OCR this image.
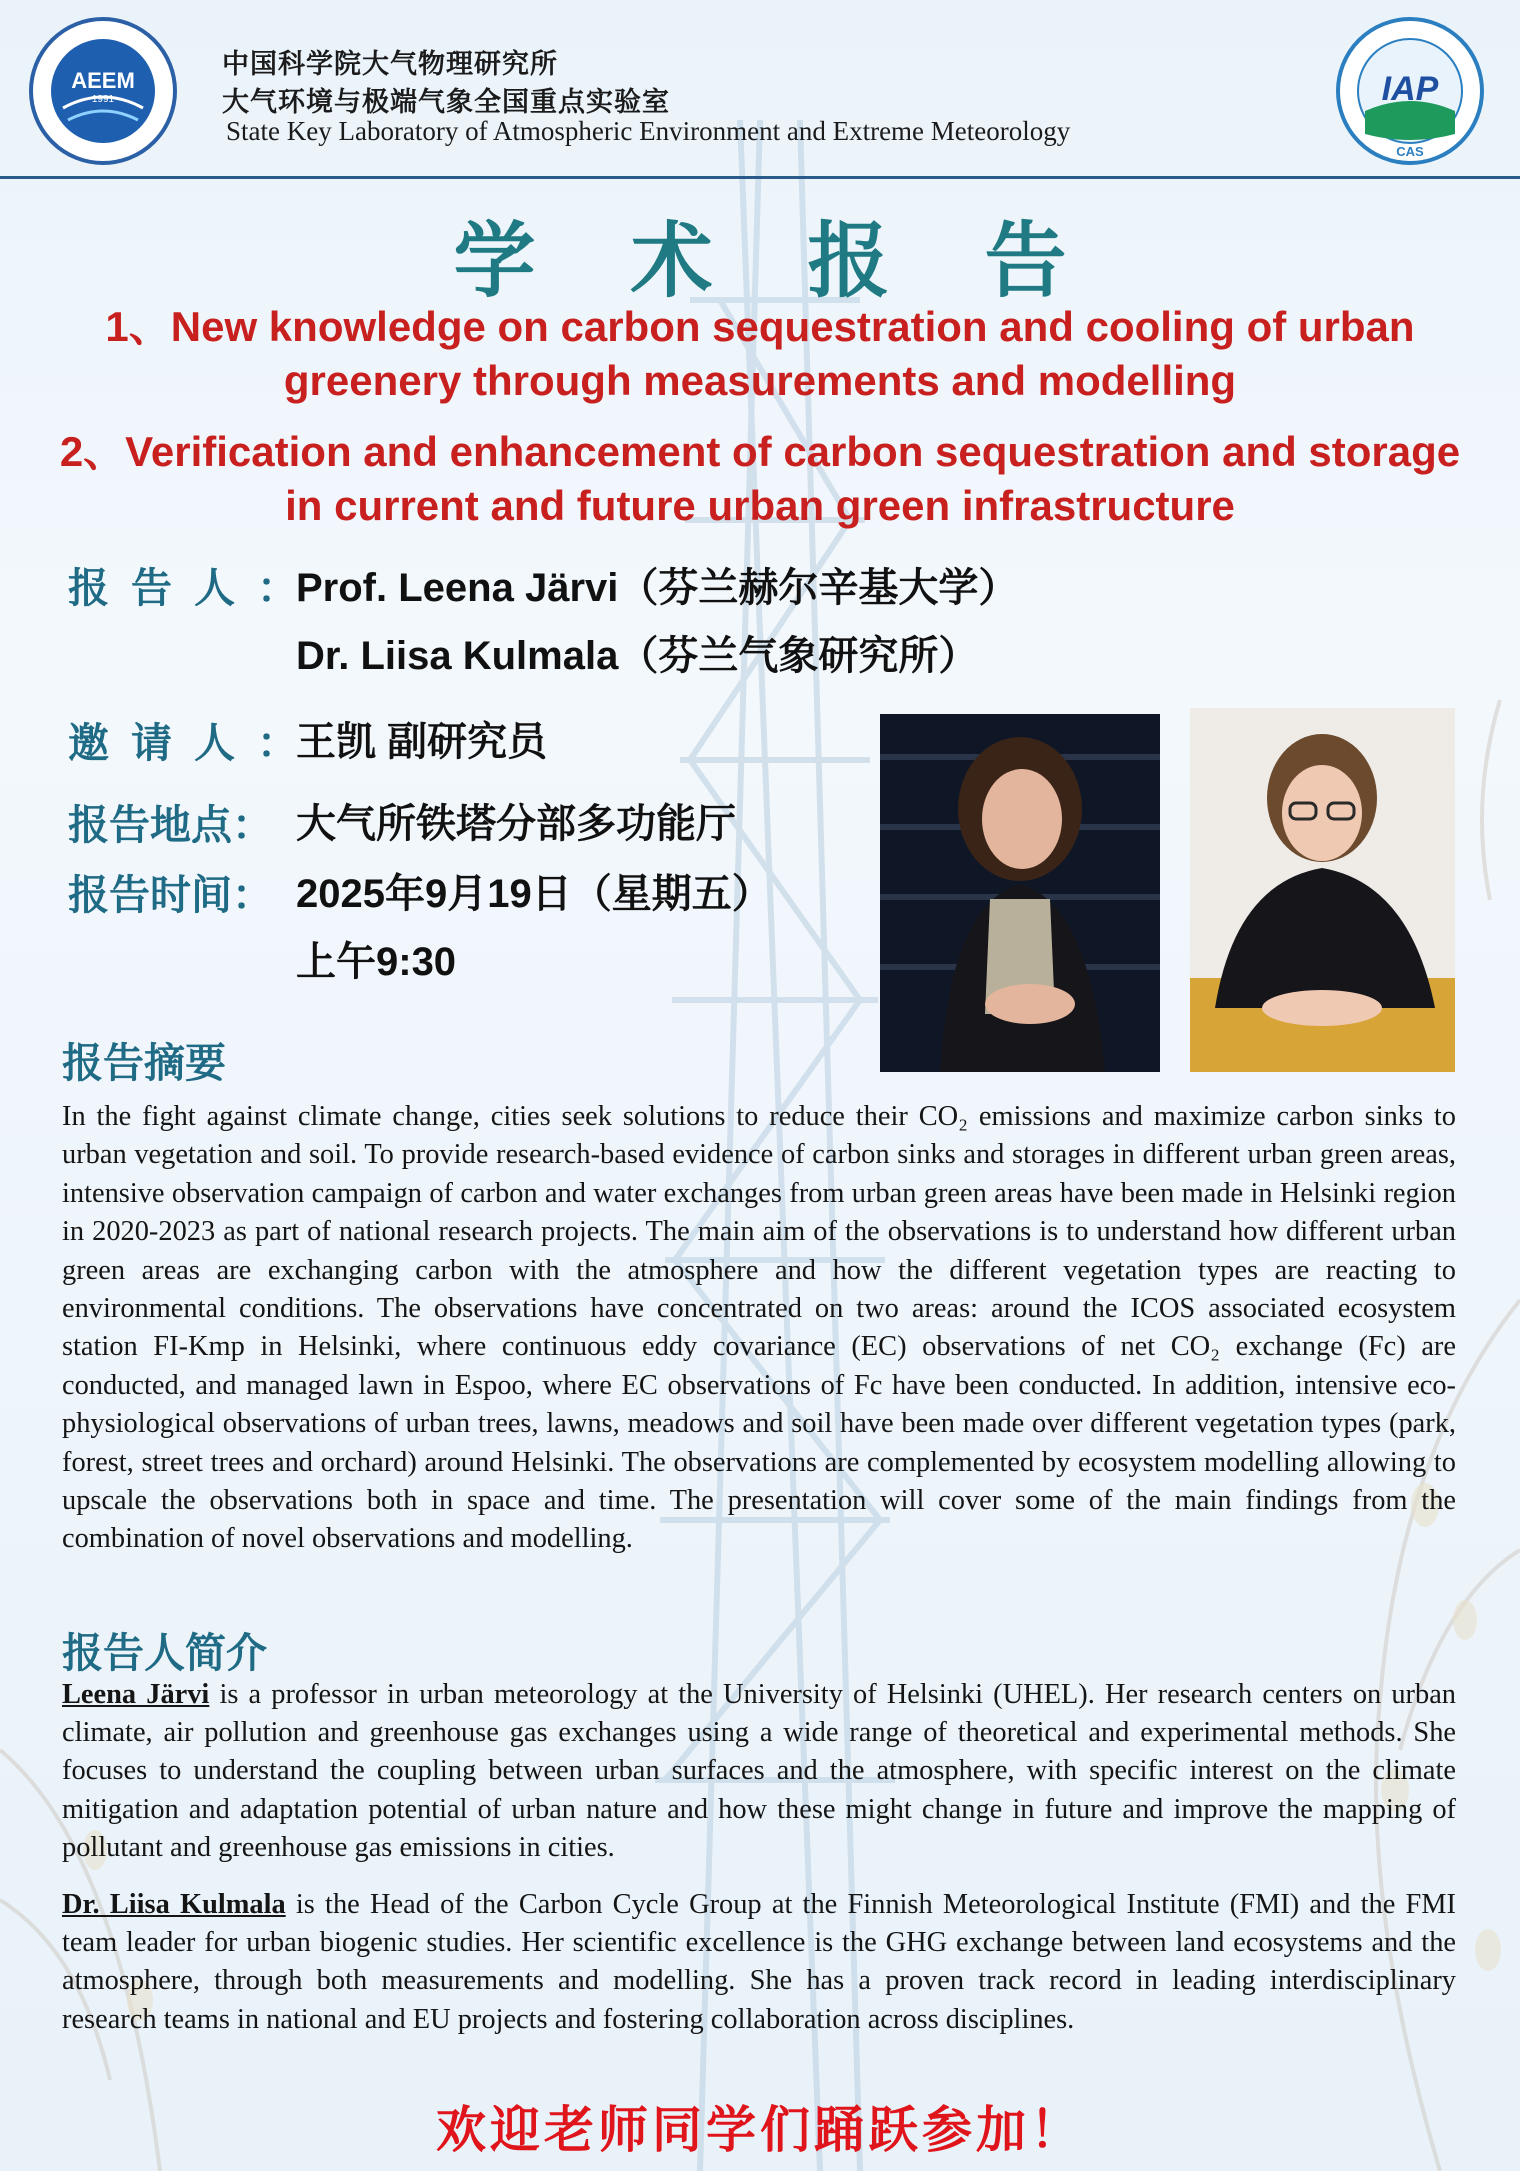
AEEM
1991
中国科学院大气物理研究所
大气环境与极端气象全国重点实验室
State Key Laboratory of Atmospheric Environment and Extreme Meteorology
IAP
CAS
学术报告
1、New knowledge on carbon sequestration and cooling of urban greenery through measurements and modelling
2、Verification and enhancement of carbon sequestration and storage in current and future urban green infrastructure
报告人：
Prof. Leena Järvi（芬兰赫尔辛基大学）
Dr. Liisa Kulmala（芬兰气象研究所）
邀请人：
王凯 副研究员
报告地点： 大气所铁塔分部多功能厅
报告时间： 2025年9月19日（星期五）
上午9:30
报告摘要

In the fight against climate change, cities seek solutions to reduce their CO₂ emissions and maximize carbon sinks to urban vegetation and soil. To provide research-based evidence of carbon sinks and storages in different urban green areas, intensive observation campaign of carbon and water exchanges from urban green areas have been made in Helsinki region in 2020-2023 as part of national research projects. The main aim of the observations is to understand how different urban green areas are exchanging carbon with the atmosphere and how the different vegetation types are reacting to environmental conditions. The observations have concentrated on two areas: around the ICOS associated ecosystem station FI-Kmp in Helsinki, where continuous eddy covariance (EC) observations of net CO₂ exchange (Fc) are conducted, and managed lawn in Espoo, where EC observations of Fc have been conducted. In addition, intensive eco-physiological observations of urban trees, lawns, meadows and soil have been made over different vegetation types (park, forest, street trees and orchard) around Helsinki. The observations are complemented by ecosystem modelling allowing to upscale the observations both in space and time. The presentation will cover some of the main findings from the combination of novel observations and modelling.

报告人简介

Leena Järvi is a professor in urban meteorology at the University of Helsinki (UHEL). Her research centers on urban climate, air pollution and greenhouse gas exchanges using a wide range of theoretical and experimental methods. She focuses to understand the coupling between urban surfaces and the atmosphere, with specific interest on the climate mitigation and adaptation potential of urban nature and how these might change in future and improve the mapping of pollutant and greenhouse gas emissions in cities.

Dr. Liisa Kulmala is the Head of the Carbon Cycle Group at the Finnish Meteorological Institute (FMI) and the FMI team leader for urban biogenic studies. Her scientific excellence is the GHG exchange between land ecosystems and the atmosphere, through both measurements and modelling. She has a proven track record in leading interdisciplinary research teams in national and EU projects and fostering collaboration across disciplines.

欢迎老师同学们踊跃参加！
